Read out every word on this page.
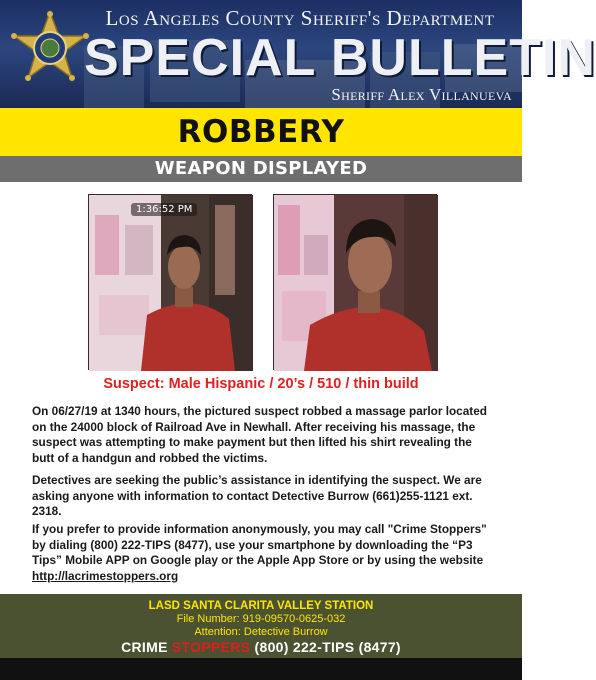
Los Angeles County Sheriff's Department
SPECIAL BULLETIN
Sheriff Alex Villanueva
ROBBERY
WEAPON DISPLAYED
1:36:52 PM
Suspect: Male Hispanic / 20’s / 510 / thin build

On 06/27/19 at 1340 hours, the pictured suspect robbed a massage parlor located on the 24000 block of Railroad Ave in Newhall. After receiving his massage, the suspect was attempting to make payment but then lifted his shirt revealing the butt of a handgun and robbed the victims.

Detectives are seeking the public’s assistance in identifying the suspect. We are asking anyone with information to contact Detective Burrow (661)255-1121 ext. 2318.

If you prefer to provide information anonymously, you may call "Crime Stoppers" by dialing (800) 222-TIPS (8477), use your smartphone by downloading the “P3 Tips” Mobile APP on Google play or the Apple App Store or by using the website http://lacrimestoppers.org

LASD SANTA CLARITA VALLEY STATION
File Number: 919-09570-0625-032
Attention: Detective Burrow
CRIME STOPPERS (800) 222-TIPS (8477)
